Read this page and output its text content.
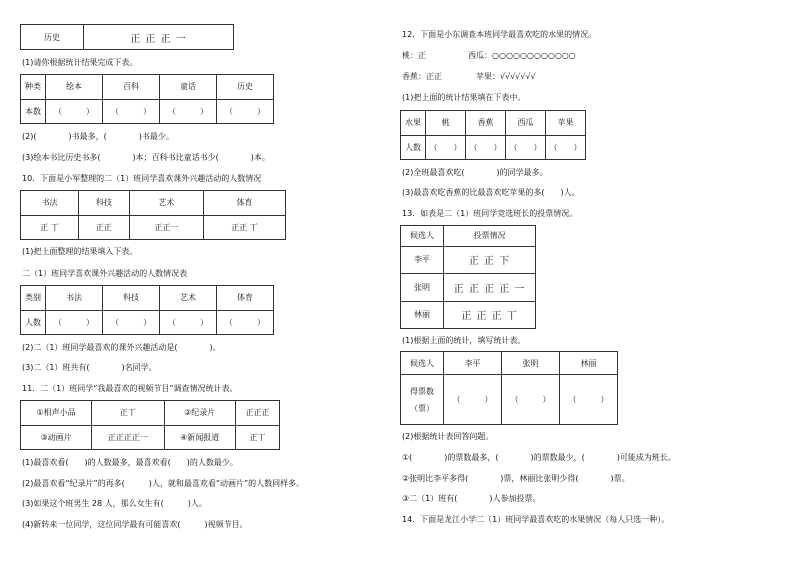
历史	正 正 正 一
(1)请你根据统计结果完成下表。
种类	绘本	百科	童话	历史
本数	（　　　）	（　　　）	（　　　）	（　　　）
(2)(　　　　)书最多，(　　　　)书最少。
(3)绘本书比历史书多(　　　　)本；百科书比童话书少(　　　　)本。
10．下面是小军整理的二（1）班同学喜欢课外兴趣活动的人数情况
书法	科技	艺术	体育
正 丅	正正	正正一	正正 丅
(1)把上面整理的结果填入下表。
二（1）班同学喜欢课外兴趣活动的人数情况表
类别	书法	科技	艺术	体育
人数	（　　　）	（　　　）	（　　　）	（　　　）
(2)二（1）班同学最喜欢的课外兴趣活动是(　　　　)。
(3)二（1）班共有(　　　　)名同学。
11．二（1）班同学“我最喜欢的视频节目”调查情况统计表。
①相声小品	正丅	②纪录片	正正正
③动画片	正正正正一	④新闻报道	正丅
(1)最喜欢看(　　)的人数最多，最喜欢看(　　)的人数最少。
(2)最喜欢看“纪录片”的再多(　　　)人，就和最喜欢看“动画片”的人数同样多。
(3)如果这个班男生 28 人，那么女生有(　　　)人。
(4)新转来一位同学，这位同学最有可能喜欢(　　　)视频节目。
12．下面是小东调查本班同学最喜欢吃的水果的情况。
桃：正	西瓜：○○○○○○○○○○○○
香蕉：正正	苹果：√√√√√√√
(1)把上面的统计结果填在下表中。
水果	桃	香蕉	西瓜	苹果
人数	（　　）	（　　）	（　　）	（　　）
(2)全班最喜欢吃(　　　　)的同学最多。
(3)最喜欢吃香蕉的比最喜欢吃苹果的多(　　)人。
13．如表是二（1）班同学竞选班长的投票情况。
候选人	投票情况
李平	正 正 下
张明	正 正 正 正 一
林丽	正 正 正 丅
(1)根据上面的统计，填写统计表。
候选人	李平	张明	林丽

得票数
（票）	（　　　）	（　　　）	（　　　）
(2)根据统计表回答问题。
①(　　　　)的票数最多，(　　　　)的票数最少，(　　　　)可能成为班长。
②张明比李平多得(　　　　)票，林丽比张明少得(　　　　)票。
③二（1）班有(　　　　)人参加投票。
14．下面是龙江小学二（1）班同学最喜欢吃的水果情况（每人只选一种）。
